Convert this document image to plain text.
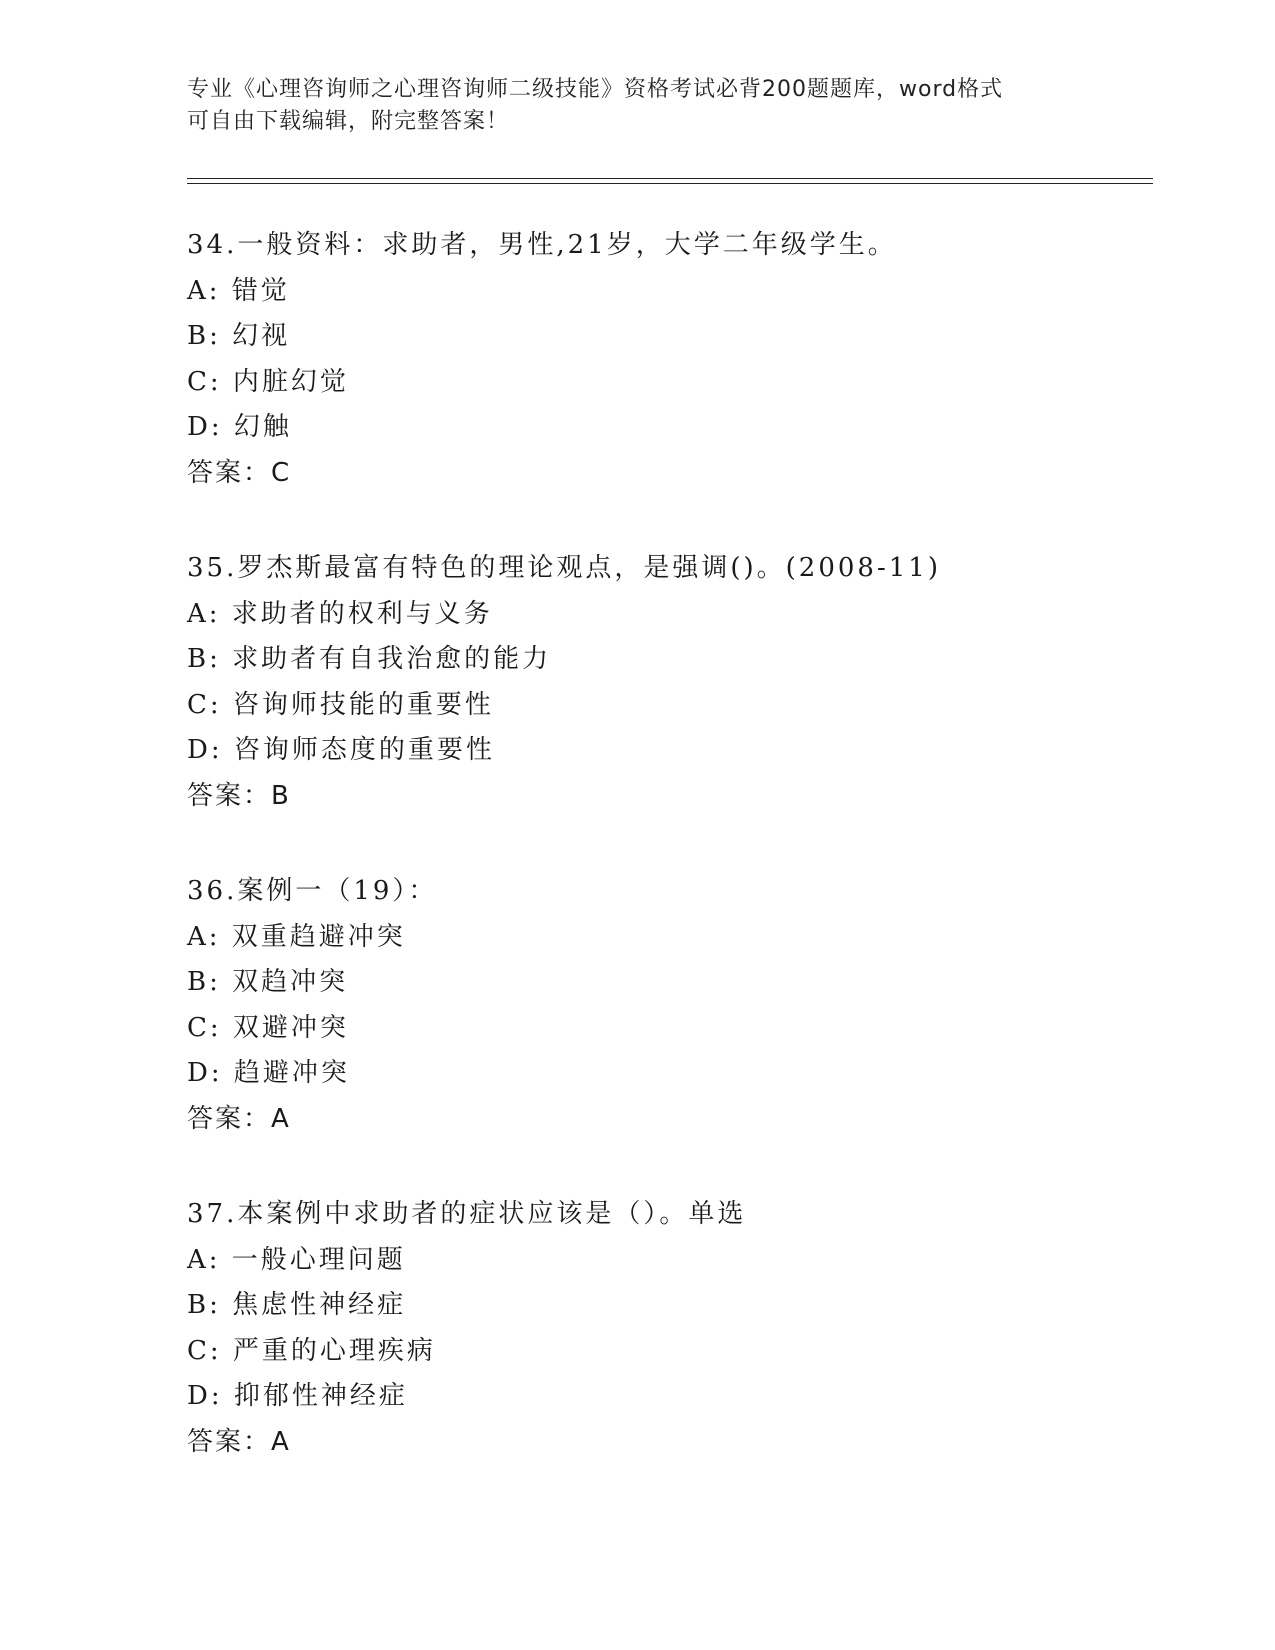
专业《心理咨询师之心理咨询师二级技能》资格考试必背200题题库，word格式
可自由下载编辑，附完整答案！
34.一般资料：求助者，男性,21岁，大学二年级学生。
A: 错觉
B: 幻视
C: 内脏幻觉
D: 幻触
答案：C
35.罗杰斯最富有特色的理论观点，是强调()。(2008-11)
A: 求助者的权利与义务
B: 求助者有自我治愈的能力
C: 咨询师技能的重要性
D: 咨询师态度的重要性
答案：B
36.案例一（19）：
A: 双重趋避冲突
B: 双趋冲突
C: 双避冲突
D: 趋避冲突
答案：A
37.本案例中求助者的症状应该是（）。单选
A: 一般心理问题
B: 焦虑性神经症
C: 严重的心理疾病
D: 抑郁性神经症
答案：A
